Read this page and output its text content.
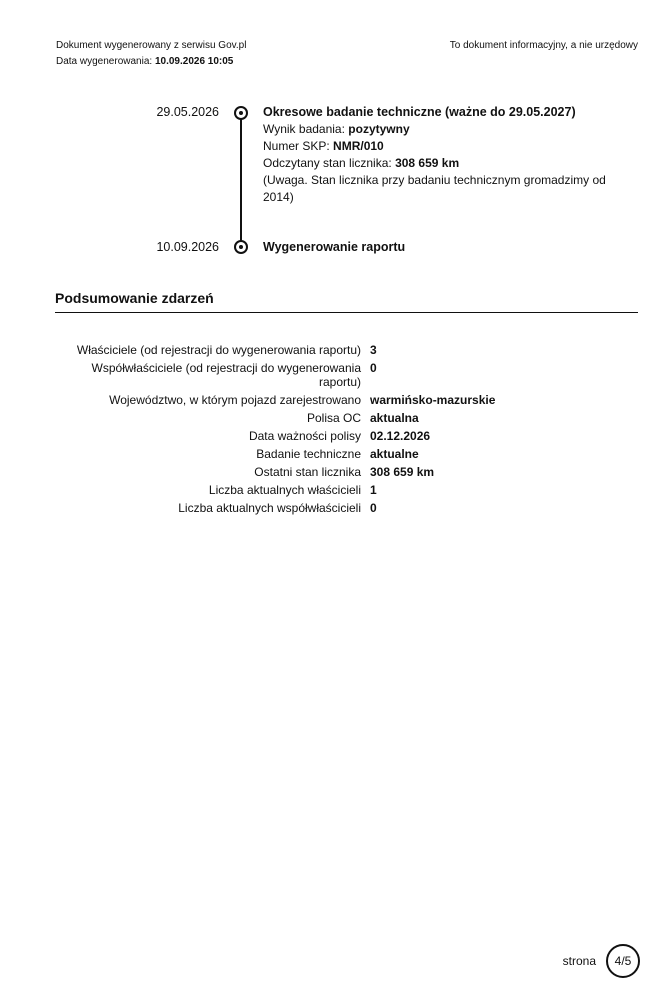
Dokument wygenerowany z serwisu Gov.pl
Data wygenerowania: 10.09.2026 10:05
To dokument informacyjny, a nie urzędowy
29.05.2026	Okresowe badanie techniczne (ważne do 29.05.2027)
Wynik badania: pozytywny
Numer SKP: NMR/010
Odczytany stan licznika: 308 659 km
(Uwaga. Stan licznika przy badaniu technicznym gromadzimy od 2014)
10.09.2026	Wygenerowanie raportu
Podsumowanie zdarzeń
Właściciele (od rejestracji do wygenerowania raportu) 3
Współwłaściciele (od rejestracji do wygenerowania raportu)
0
Województwo, w którym pojazd zarejestrowano warmińsko-mazurskie
Polisa OC aktualna
Data ważności polisy 02.12.2026
Badanie techniczne aktualne
Ostatni stan licznika 308 659 km
Liczba aktualnych właścicieli 1
Liczba aktualnych współwłaścicieli 0
strona 4/5
